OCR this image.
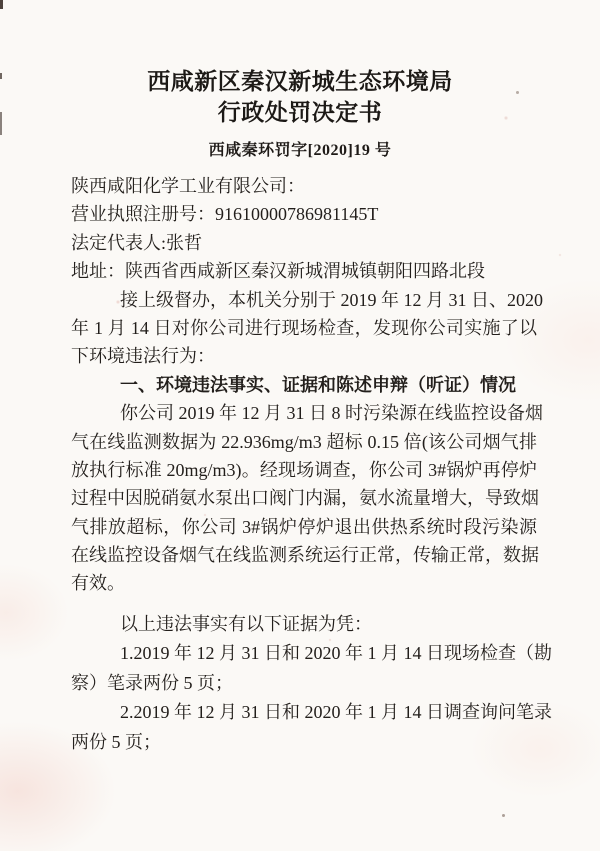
西咸新区秦汉新城生态环境局
行政处罚决定书
西咸秦环罚字[2020]19 号
陕西咸阳化学工业有限公司：
营业执照注册号：91610000786981145T
法定代表人:张哲
地址：陕西省西咸新区秦汉新城渭城镇朝阳四路北段
接上级督办，本机关分别于 2019 年 12 月 31 日、2020
年 1 月 14 日对你公司进行现场检查，发现你公司实施了以
下环境违法行为：
一、环境违法事实、证据和陈述申辩（听证）情况
你公司 2019 年 12 月 31 日 8 时污染源在线监控设备烟
气在线监测数据为 22.936mg/m3 超标 0.15 倍(该公司烟气排
放执行标准 20mg/m3)。经现场调查，你公司 3#锅炉再停炉
过程中因脱硝氨水泵出口阀门内漏，氨水流量增大，导致烟
气排放超标，你公司 3#锅炉停炉退出供热系统时段污染源
在线监控设备烟气在线监测系统运行正常，传输正常，数据
有效。
以上违法事实有以下证据为凭：
1.2019 年 12 月 31 日和 2020 年 1 月 14 日现场检查（勘
察）笔录两份 5 页；
2.2019 年 12 月 31 日和 2020 年 1 月 14 日调查询问笔录
两份 5 页；
